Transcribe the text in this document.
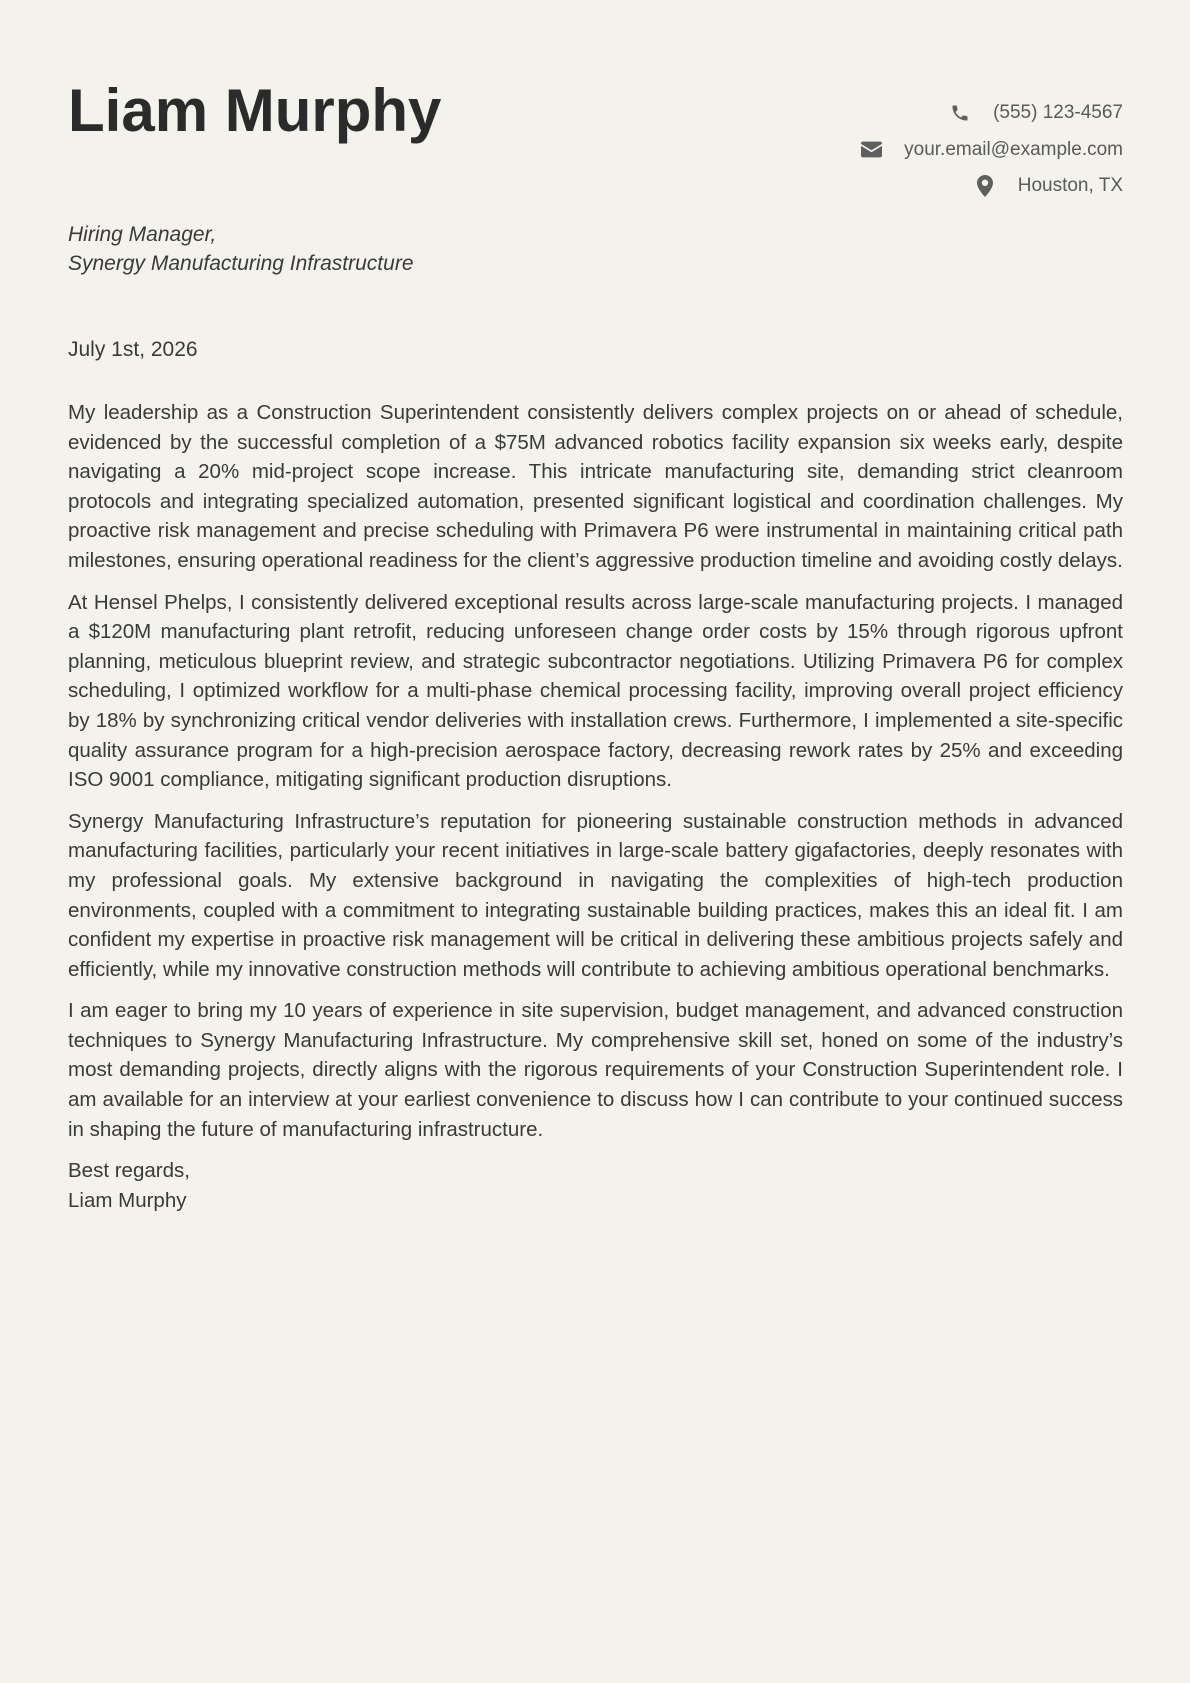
Liam Murphy	(555) 123-4567
your.email@example.com
Houston, TX
Hiring Manager,
Synergy Manufacturing Infrastructure
July 1st, 2026

My leadership as a Construction Superintendent consistently delivers complex projects on or ahead of schedule, evidenced by the successful completion of a $75M advanced robotics facility expansion six weeks early, despite navigating a 20% mid-project scope increase. This intricate manufacturing site, demanding strict cleanroom protocols and integrating specialized automation, presented significant logistical and coordination challenges. My proactive risk management and precise scheduling with Primavera P6 were instrumental in maintaining critical path milestones, ensuring operational readiness for the client’s aggressive production timeline and avoiding costly delays.

At Hensel Phelps, I consistently delivered exceptional results across large-scale manufacturing projects. I managed a $120M manufacturing plant retrofit, reducing unforeseen change order costs by 15% through rigorous upfront planning, meticulous blueprint review, and strategic subcontractor negotiations. Utilizing Primavera P6 for complex scheduling, I optimized workflow for a multi-phase chemical processing facility, improving overall project efficiency by 18% by synchronizing critical vendor deliveries with installation crews. Furthermore, I implemented a site-specific quality assurance program for a high-precision aerospace factory, decreasing rework rates by 25% and exceeding ISO 9001 compliance, mitigating significant production disruptions.

Synergy Manufacturing Infrastructure’s reputation for pioneering sustainable construction methods in advanced manufacturing facilities, particularly your recent initiatives in large-scale battery gigafactories, deeply resonates with my professional goals. My extensive background in navigating the complexities of high-tech production environments, coupled with a commitment to integrating sustainable building practices, makes this an ideal fit. I am confident my expertise in proactive risk management will be critical in delivering these ambitious projects safely and efficiently, while my innovative construction methods will contribute to achieving ambitious operational benchmarks.

I am eager to bring my 10 years of experience in site supervision, budget management, and advanced construction techniques to Synergy Manufacturing Infrastructure. My comprehensive skill set, honed on some of the industry’s most demanding projects, directly aligns with the rigorous requirements of your Construction Superintendent role. I am available for an interview at your earliest convenience to discuss how I can contribute to your continued success in shaping the future of manufacturing infrastructure.

Best regards,
Liam Murphy
